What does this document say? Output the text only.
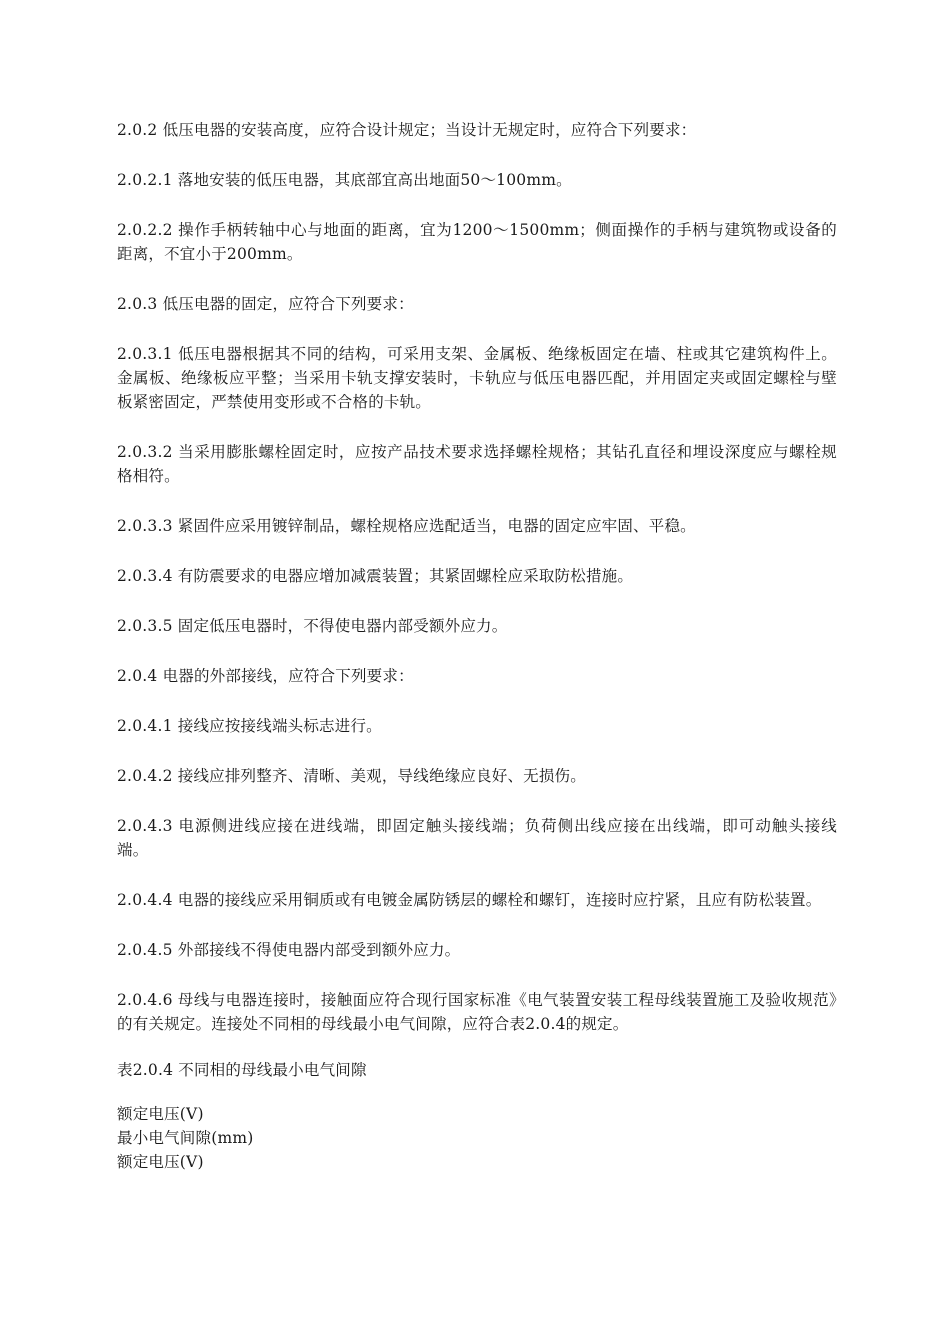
2.0.2 低压电器的安装高度，应符合设计规定；当设计无规定时，应符合下列要求：

2.0.2.1 落地安装的低压电器，其底部宜高出地面50～100mm。

2.0.2.2 操作手柄转轴中心与地面的距离，宜为1200～1500mm；侧面操作的手柄与建筑物或设备的距离，不宜小于200mm。

2.0.3 低压电器的固定，应符合下列要求：

2.0.3.1 低压电器根据其不同的结构，可采用支架、金属板、绝缘板固定在墙、柱或其它建筑构件上。金属板、绝缘板应平整；当采用卡轨支撑安装时，卡轨应与低压电器匹配，并用固定夹或固定螺栓与壁板紧密固定，严禁使用变形或不合格的卡轨。

2.0.3.2 当采用膨胀螺栓固定时，应按产品技术要求选择螺栓规格；其钻孔直径和埋设深度应与螺栓规格相符。

2.0.3.3 紧固件应采用镀锌制品，螺栓规格应选配适当，电器的固定应牢固、平稳。

2.0.3.4 有防震要求的电器应增加减震装置；其紧固螺栓应采取防松措施。

2.0.3.5 固定低压电器时，不得使电器内部受额外应力。

2.0.4 电器的外部接线，应符合下列要求：

2.0.4.1 接线应按接线端头标志进行。

2.0.4.2 接线应排列整齐、清晰、美观，导线绝缘应良好、无损伤。

2.0.4.3 电源侧进线应接在进线端，即固定触头接线端；负荷侧出线应接在出线端，即可动触头接线端。

2.0.4.4 电器的接线应采用铜质或有电镀金属防锈层的螺栓和螺钉，连接时应拧紧，且应有防松装置。

2.0.4.5 外部接线不得使电器内部受到额外应力。

2.0.4.6 母线与电器连接时，接触面应符合现行国家标准《电气装置安装工程母线装置施工及验收规范》的有关规定。连接处不同相的母线最小电气间隙，应符合表2.0.4的规定。

表2.0.4 不同相的母线最小电气间隙

额定电压(V)
最小电气间隙(mm)
额定电压(V)
